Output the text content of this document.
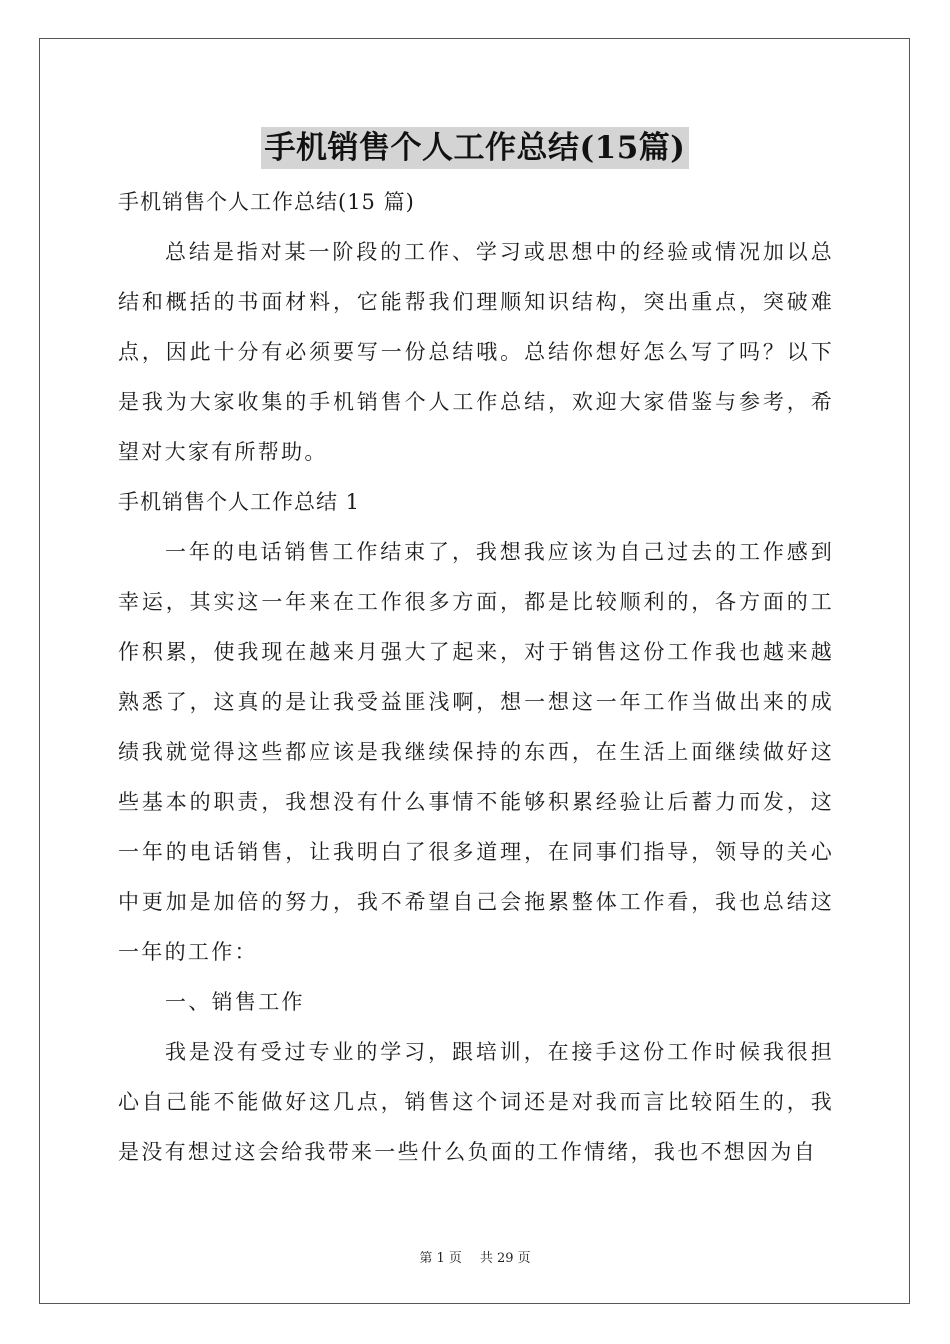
手机销售个人工作总结(15篇)

手机销售个人工作总结(15 篇)

总结是指对某一阶段的工作、学习或思想中的经验或情况加以总结和概括的书面材料，它能帮我们理顺知识结构，突出重点，突破难点，因此十分有必须要写一份总结哦。总结你想好怎么写了吗？以下是我为大家收集的手机销售个人工作总结，欢迎大家借鉴与参考，希望对大家有所帮助。

手机销售个人工作总结 1

一年的电话销售工作结束了，我想我应该为自己过去的工作感到幸运，其实这一年来在工作很多方面，都是比较顺利的，各方面的工作积累，使我现在越来月强大了起来，对于销售这份工作我也越来越熟悉了，这真的是让我受益匪浅啊，想一想这一年工作当做出来的成绩我就觉得这些都应该是我继续保持的东西，在生活上面继续做好这些基本的职责，我想没有什么事情不能够积累经验让后蓄力而发，这一年的电话销售，让我明白了很多道理，在同事们指导，领导的关心中更加是加倍的努力，我不希望自己会拖累整体工作看，我也总结这一年的工作：

一、销售工作

我是没有受过专业的学习，跟培训，在接手这份工作时候我很担心自己能不能做好这几点，销售这个词还是对我而言比较陌生的，我是没有想过这会给我带来一些什么负面的工作情绪，我也不想因为自

第 1 页 共 29 页
